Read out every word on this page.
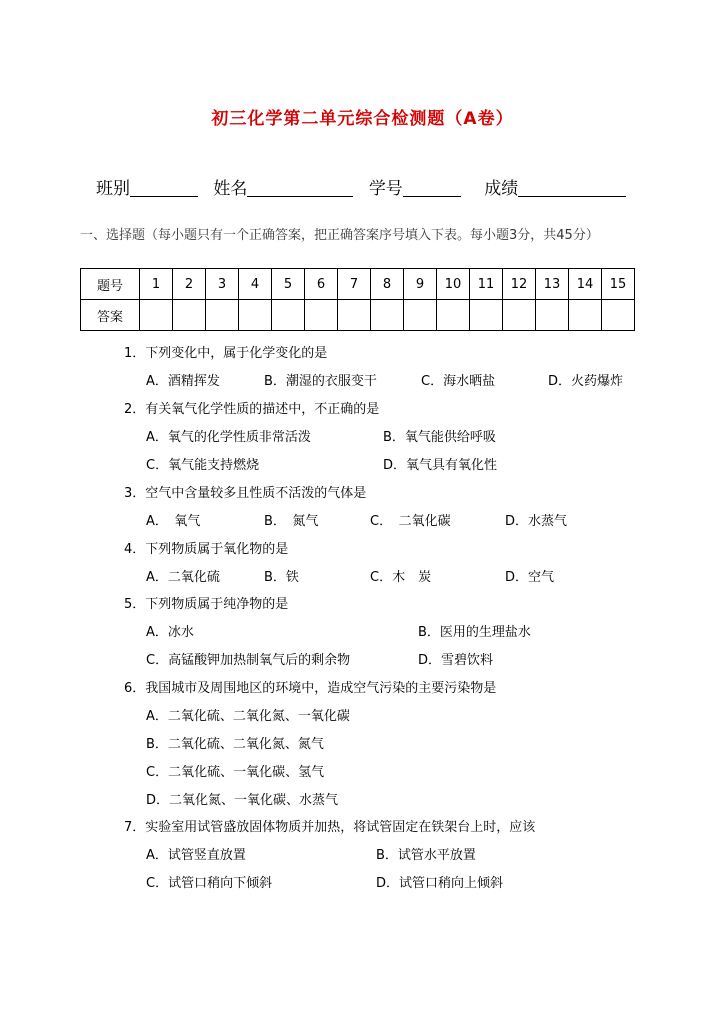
初三化学第二单元综合检测题（A卷）
班别	姓名	学号	成绩
一、选择题（每小题只有一个正确答案，把正确答案序号填入下表。每小题3分，共45分）
题号	1	2	3	4	5	6	7	8	9	10	11	12	13	14	15
答案															
1．下列变化中，属于化学变化的是
A．酒精挥发	B．潮湿的衣服变干	C．海水晒盐	D．火药爆炸
2．有关氧气化学性质的描述中，不正确的是
A．氧气的化学性质非常活泼	B．氧气能供给呼吸
C．氧气能支持燃烧	D．氧气具有氧化性
3．空气中含量较多且性质不活泼的气体是
A．　氧气	B．　氮气	C．　二氧化碳	D．水蒸气
4．下列物质属于氧化物的是
A．二氧化硫	B．铁	C．木　炭	D．空气
5．下列物质属于纯净物的是
A．冰水	B．医用的生理盐水
C．高锰酸钾加热制氧气后的剩余物	D．雪碧饮料
6．我国城市及周围地区的环境中，造成空气污染的主要污染物是
A．二氧化硫、二氧化氮、一氧化碳
B．二氧化硫、二氧化氮、氮气
C．二氧化硫、一氧化碳、氢气
D．二氧化氮、一氧化碳、水蒸气
7．实验室用试管盛放固体物质并加热，将试管固定在铁架台上时，应该
A．试管竖直放置	B．试管水平放置
C．试管口稍向下倾斜	D．试管口稍向上倾斜
